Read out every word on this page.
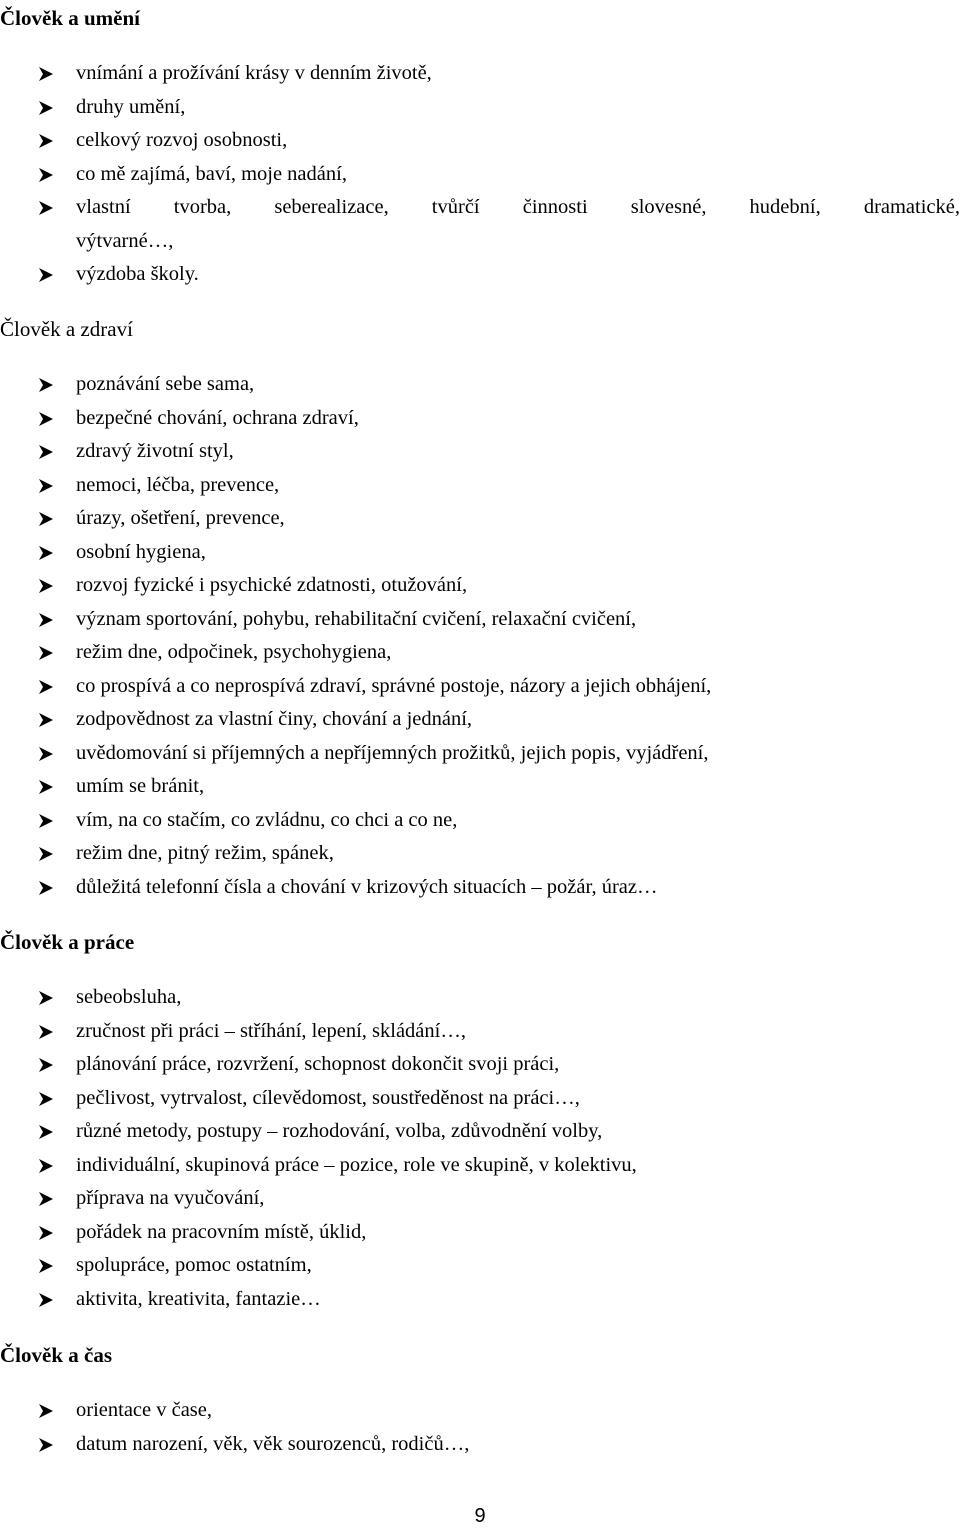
Člověk a umění
vnímání a prožívání krásy v denním životě,
druhy umění,
celkový rozvoj osobnosti,
co mě zajímá, baví, moje nadání,
vlastní tvorba, seberealizace, tvůrčí činnosti slovesné, hudební, dramatické,
výtvarné…,
výzdoba školy.
Člověk a zdraví
poznávání sebe sama,
bezpečné chování, ochrana zdraví,
zdravý životní styl,
nemoci, léčba, prevence,
úrazy, ošetření, prevence,
osobní hygiena,
rozvoj fyzické i psychické zdatnosti, otužování,
význam sportování, pohybu, rehabilitační cvičení, relaxační cvičení,
režim dne, odpočinek, psychohygiena,
co prospívá a co neprospívá zdraví, správné postoje, názory a jejich obhájení,
zodpovědnost za vlastní činy, chování a jednání,
uvědomování si příjemných a nepříjemných prožitků, jejich popis, vyjádření,
umím se bránit,
vím, na co stačím, co zvládnu, co chci a co ne,
režim dne, pitný režim, spánek,
důležitá telefonní čísla a chování v krizových situacích – požár, úraz…
Člověk a práce
sebeobsluha,
zručnost při práci – stříhání, lepení, skládání…,
plánování práce, rozvržení, schopnost dokončit svoji práci,
pečlivost, vytrvalost, cílevědomost, soustředěnost na práci…,
různé metody, postupy – rozhodování, volba, zdůvodnění volby,
individuální, skupinová práce – pozice, role ve skupině, v kolektivu,
příprava na vyučování,
pořádek na pracovním místě, úklid,
spolupráce, pomoc ostatním,
aktivita, kreativita, fantazie…
Člověk a čas
orientace v čase,
datum narození, věk, věk sourozenců, rodičů…,
9
